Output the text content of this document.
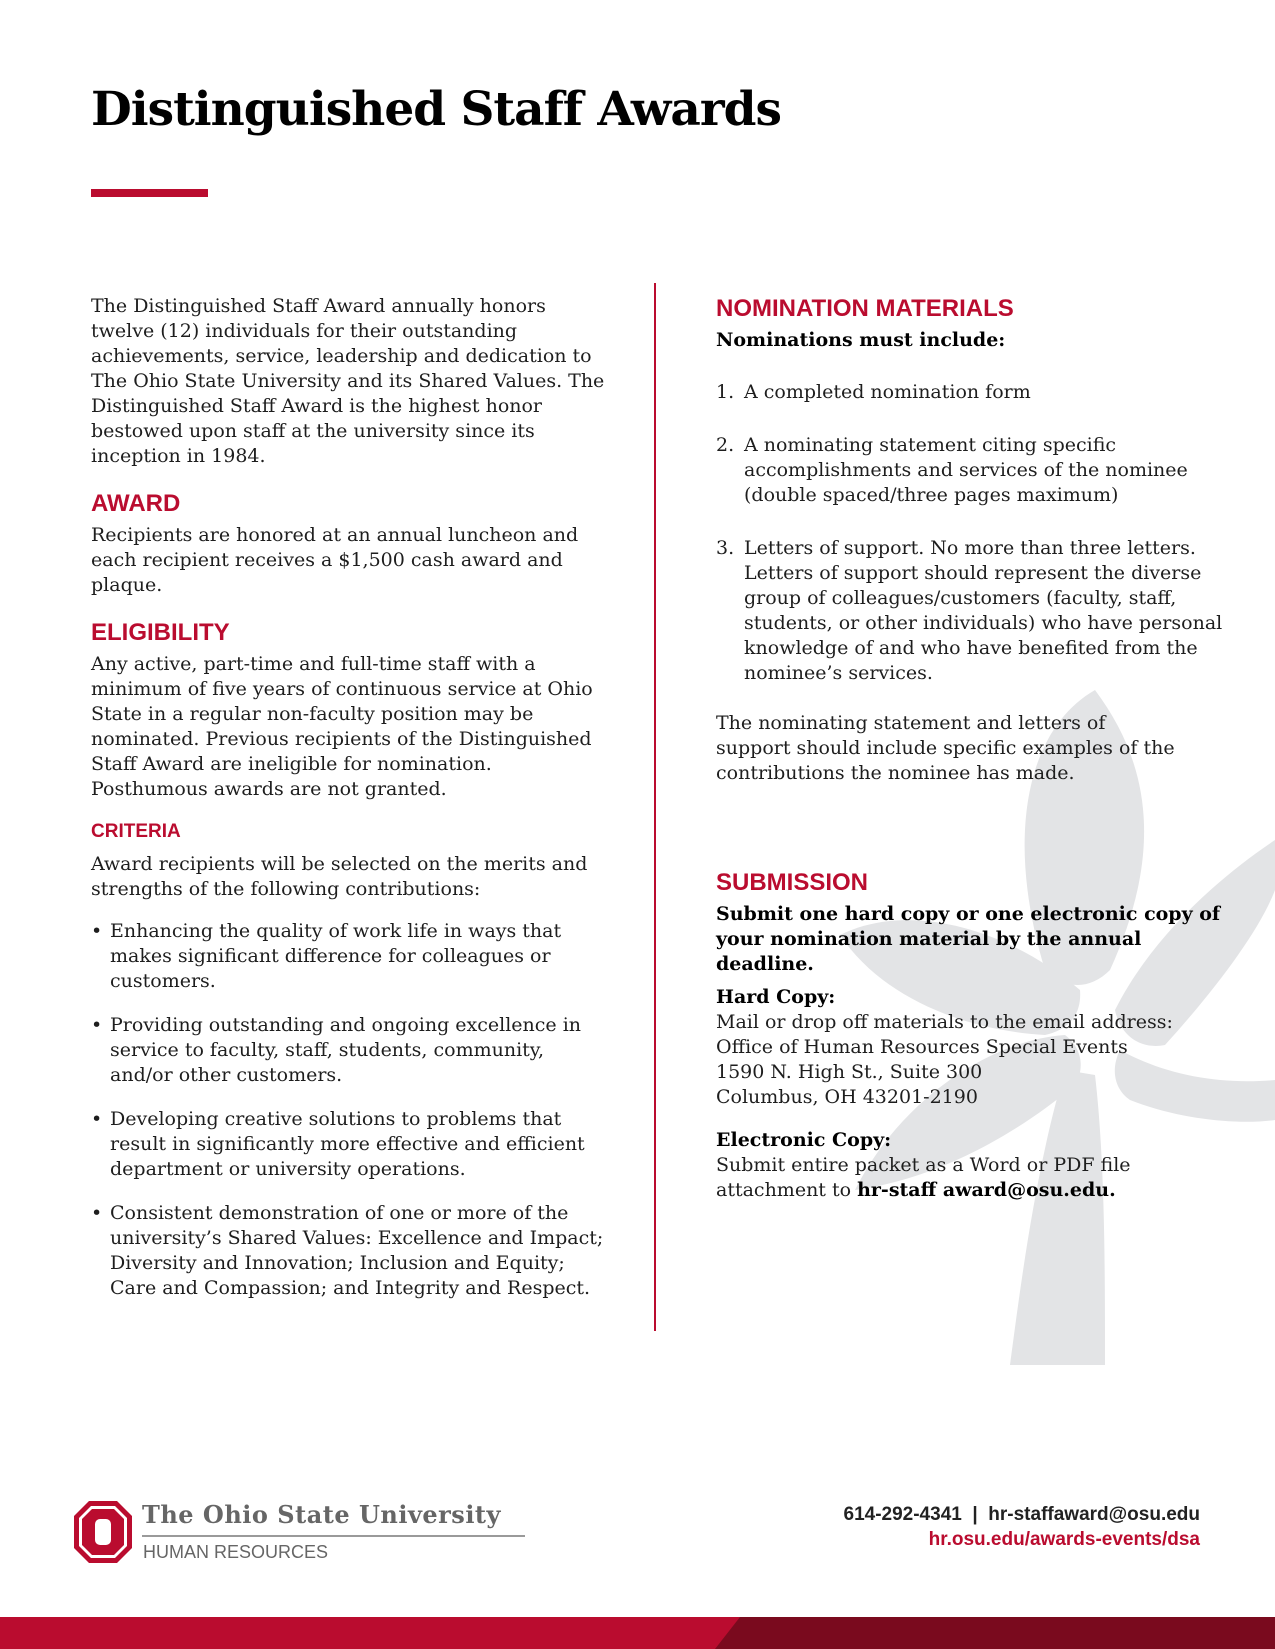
Distinguished Staff Awards

The Distinguished Staff Award annually honors twelve (12) individuals for their outstanding achievements, service, leadership and dedication to The Ohio State University and its Shared Values. The Distinguished Staff Award is the highest honor bestowed upon staff at the university since its inception in 1984.

AWARD

Recipients are honored at an annual luncheon and each recipient receives a $1,500 cash award and plaque.

ELIGIBILITY

Any active, part-time and full-time staff with a minimum of five years of continuous service at Ohio State in a regular non-faculty position may be nominated. Previous recipients of the Distinguished Staff Award are ineligible for nomination. Posthumous awards are not granted.

CRITERIA

Award recipients will be selected on the merits and strengths of the following contributions:

• Enhancing the quality of work life in ways that makes significant difference for colleagues or customers.
• Providing outstanding and ongoing excellence in service to faculty, staff, students, community, and/or other customers.
• Developing creative solutions to problems that result in significantly more effective and efficient department or university operations.
• Consistent demonstration of one or more of the university’s Shared Values: Excellence and Impact; Diversity and Innovation; Inclusion and Equity; Care and Compassion; and Integrity and Respect.
NOMINATION MATERIALS

Nominations must include:

1. A completed nomination form
2. A nominating statement citing specific accomplishments and services of the nominee (double spaced/three pages maximum)
3. Letters of support. No more than three letters. Letters of support should represent the diverse group of colleagues/customers (faculty, staff, students, or other individuals) who have personal knowledge of and who have benefited from the nominee’s services.

The nominating statement and letters of support should include specific examples of the contributions the nominee has made.

SUBMISSION

Submit one hard copy or one electronic copy of your nomination material by the annual deadline.

Hard Copy:

Mail or drop off materials to the email address:
Office of Human Resources Special Events
1590 N. High St., Suite 300
Columbus, OH 43201-2190

Electronic Copy:

Submit entire packet as a Word or PDF file attachment to hr-staff award@osu.edu.

The Ohio State University
HUMAN RESOURCES
614-292-4341 | hr-staffaward@osu.edu
hr.osu.edu/awards-events/dsa
